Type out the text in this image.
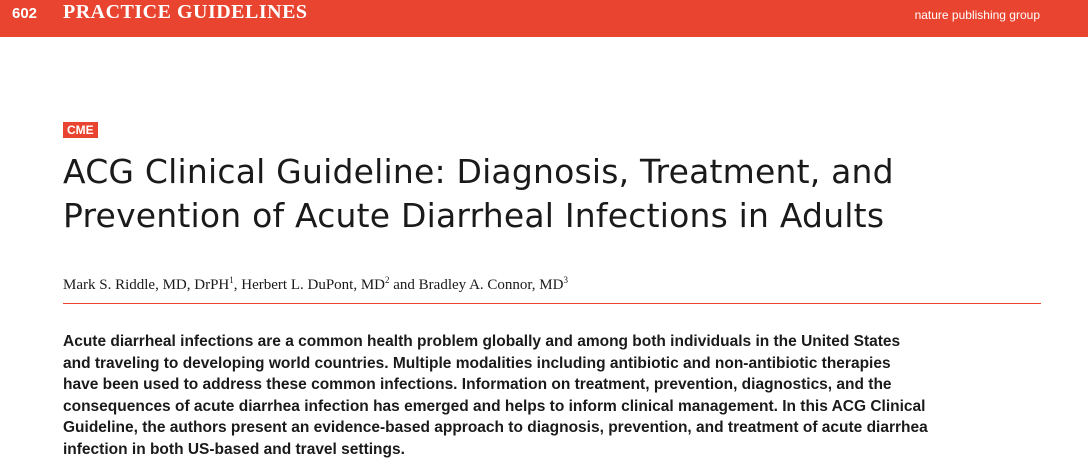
602 PRACTICE GUIDELINES	nature publishing group
CME
ACG Clinical Guideline: Diagnosis, Treatment, and
Prevention of Acute Diarrheal Infections in Adults
Mark S. Riddle, MD, DrPH$^1$, Herbert L. DuPont, $MD^2$ and Bradley A. Connor, $MD^3$

Acute diarrheal infections are a common health problem globally and among both individuals in the United States
and traveling to developing world countries. Multiple modalities including antibiotic and non-antibiotic therapies
have been used to address these common infections. Information on treatment, prevention, diagnostics, and the
consequences of acute diarrhea infection has emerged and helps to inform clinical management. In this ACG Clinical
Guideline, the authors present an evidence-based approach to diagnosis, prevention, and treatment of acute diarrhea
infection in both US-based and travel settings.
